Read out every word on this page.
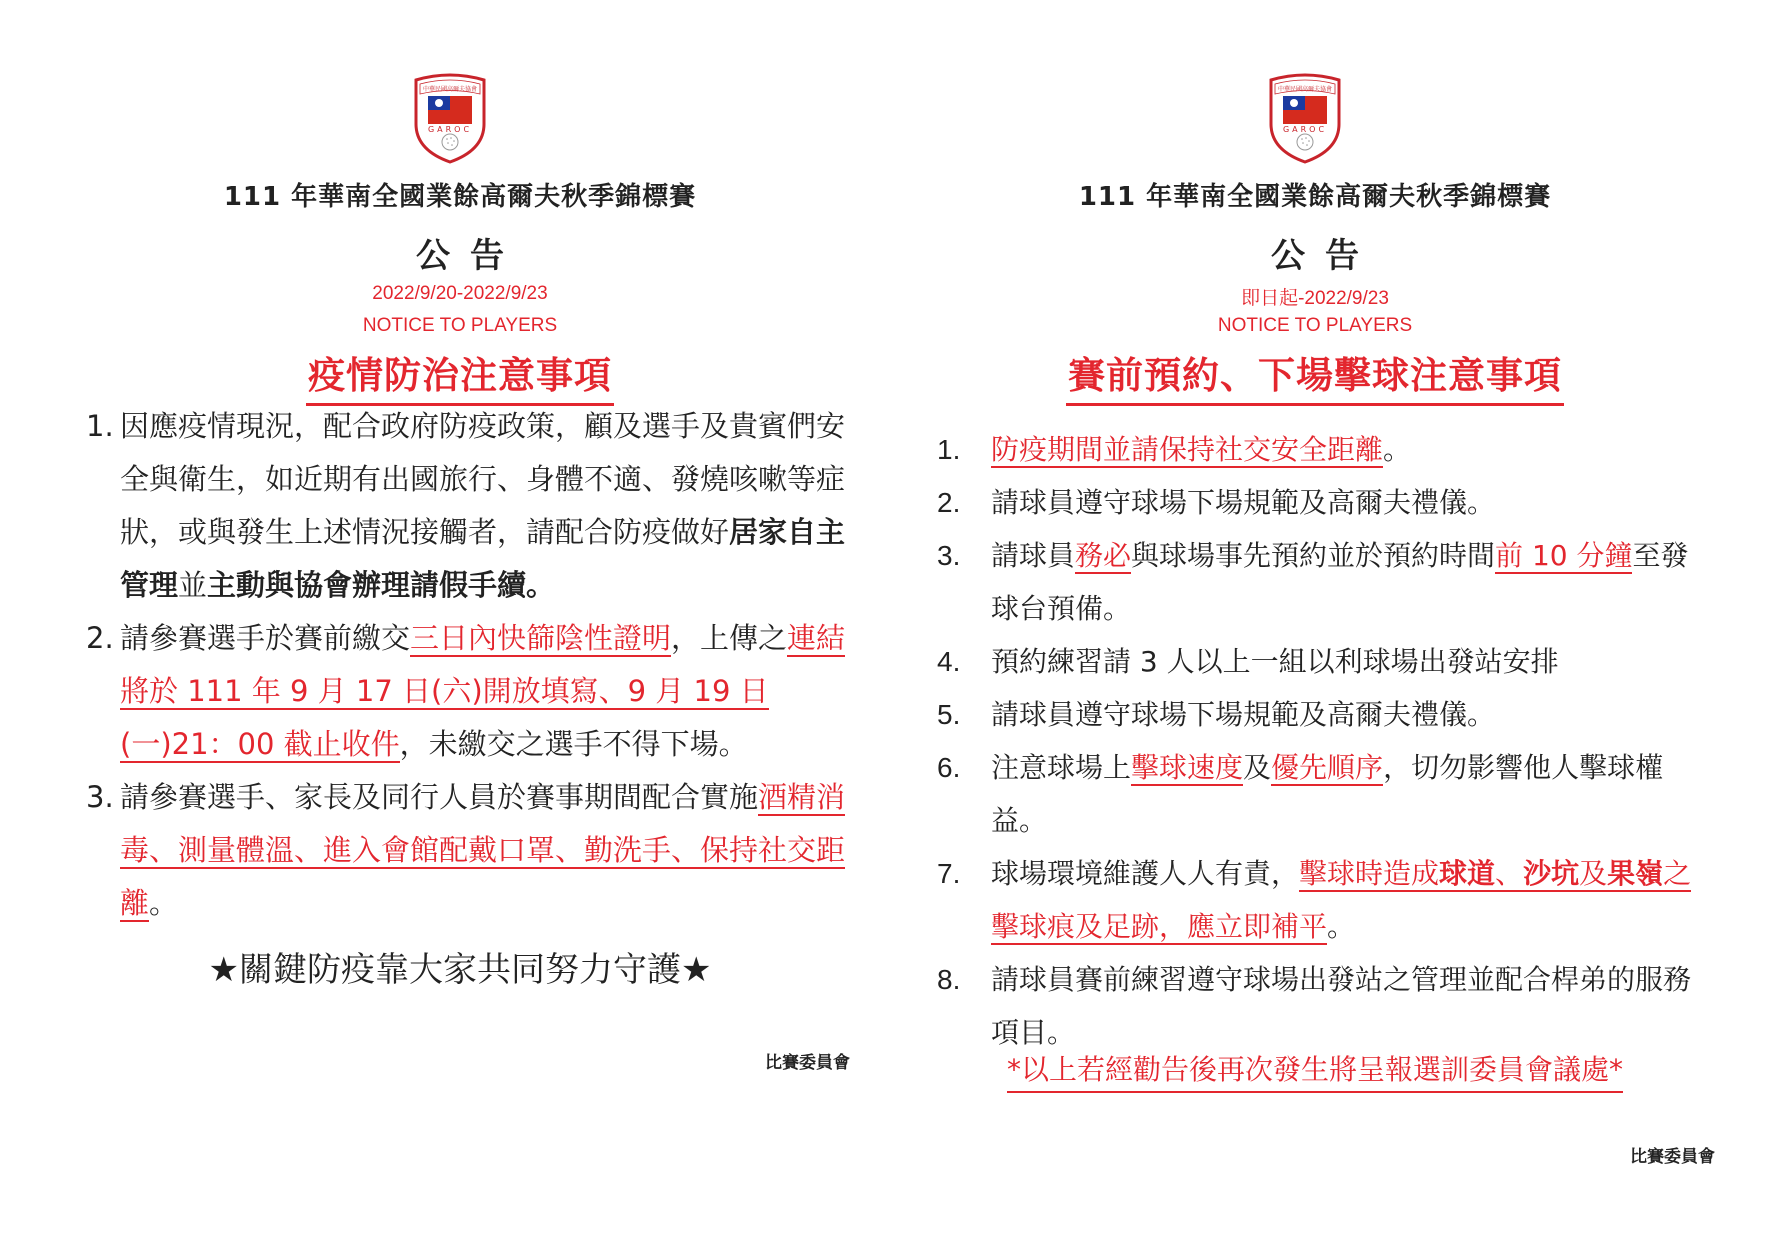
中華民國高爾夫協會
GAROC
111 年華南全國業餘高爾夫秋季錦標賽
公告
2022/9/20-2022/9/23
NOTICE TO PLAYERS
疫情防治注意事項
1. 因應疫情現況，配合政府防疫政策，顧及選手及貴賓們安全與衛生，如近期有出國旅行、身體不適、發燒咳嗽等症狀，或與發生上述情況接觸者，請配合防疫做好居家自主管理並主動與協會辦理請假手續。
2. 請參賽選手於賽前繳交三日內快篩陰性證明，上傳之連結將於 111 年 9 月 17 日(六)開放填寫、9 月 19 日(一)21：00 截止收件，未繳交之選手不得下場。
3. 請參賽選手、家長及同行人員於賽事期間配合實施酒精消毒、測量體溫、進入會館配戴口罩、勤洗手、保持社交距離。
★關鍵防疫靠大家共同努力守護★
比賽委員會
中華民國高爾夫協會
GAROC
111 年華南全國業餘高爾夫秋季錦標賽
公告
即日起-2022/9/23
NOTICE TO PLAYERS
賽前預約、下場擊球注意事項
1. 防疫期間並請保持社交安全距離。
2. 請球員遵守球場下場規範及高爾夫禮儀。
3. 請球員務必與球場事先預約並於預約時間前 10 分鐘至發球台預備。
4. 預約練習請 3 人以上一組以利球場出發站安排
5. 請球員遵守球場下場規範及高爾夫禮儀。
6. 注意球場上擊球速度及優先順序，切勿影響他人擊球權益。
7. 球場環境維護人人有責，擊球時造成球道、沙坑及果嶺之擊球痕及足跡，應立即補平。
8. 請球員賽前練習遵守球場出發站之管理並配合桿弟的服務項目。
*以上若經勸告後再次發生將呈報選訓委員會議處*
比賽委員會
